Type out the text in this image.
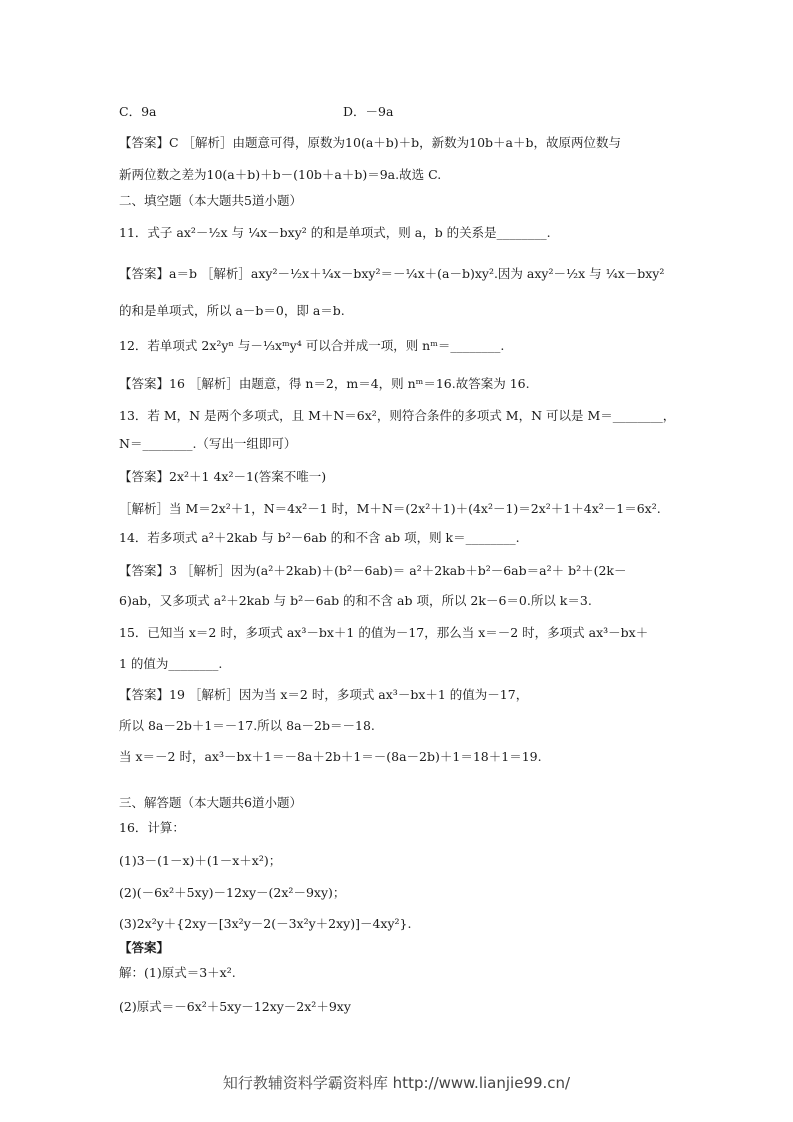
C．9a	D．－9a
【答案】C ［解析］由题意可得，原数为10(a＋b)＋b，新数为10b＋a＋b，故原两位数与
新两位数之差为10(a＋b)＋b－(10b＋a＋b)＝9a.故选 C.
二、填空题（本大题共5道小题）
11．式子 ax²－½x 与 ¼x－bxy² 的和是单项式，则 a，b 的关系是________.
【答案】a＝b ［解析］axy²－½x＋¼x－bxy²＝－¼x＋(a－b)xy².因为 axy²－½x 与 ¼x－bxy²
的和是单项式，所以 a－b＝0，即 a＝b.
12．若单项式 2x²yⁿ 与－⅓xᵐy⁴ 可以合并成一项，则 nᵐ＝________.
【答案】16 ［解析］由题意，得 n＝2，m＝4，则 nᵐ＝16.故答案为 16.
13．若 M，N 是两个多项式，且 M＋N＝6x²，则符合条件的多项式 M，N 可以是 M＝________，
N＝________.（写出一组即可）
【答案】2x²＋1 4x²－1(答案不唯一)
［解析］当 M＝2x²＋1，N＝4x²－1 时，M＋N＝(2x²＋1)＋(4x²－1)＝2x²＋1＋4x²－1＝6x².
14．若多项式 a²＋2kab 与 b²－6ab 的和不含 ab 项，则 k＝________.
【答案】3 ［解析］因为(a²＋2kab)＋(b²－6ab)＝ a²＋2kab＋b²－6ab＝a²＋ b²＋(2k－
6)ab，又多项式 a²＋2kab 与 b²－6ab 的和不含 ab 项，所以 2k－6＝0.所以 k＝3.
15．已知当 x＝2 时，多项式 ax³－bx＋1 的值为－17，那么当 x＝－2 时，多项式 ax³－bx＋
1 的值为________.
【答案】19 ［解析］因为当 x＝2 时，多项式 ax³－bx＋1 的值为－17，
所以 8a－2b＋1＝－17.所以 8a－2b＝－18.
当 x＝－2 时，ax³－bx＋1＝－8a＋2b＋1＝－(8a－2b)＋1＝18＋1＝19.
三、解答题（本大题共6道小题）
16．计算：
(1)3－(1－x)＋(1－x＋x²)；
(2)(－6x²＋5xy)－12xy－(2x²－9xy)；
(3)2x²y＋{2xy－[3x²y－2(－3x²y＋2xy)]－4xy²}.
【答案】
解：(1)原式＝3＋x².
(2)原式＝－6x²＋5xy－12xy－2x²＋9xy
知行教辅资料学霸资料库 http://www.lianjie99.cn/
